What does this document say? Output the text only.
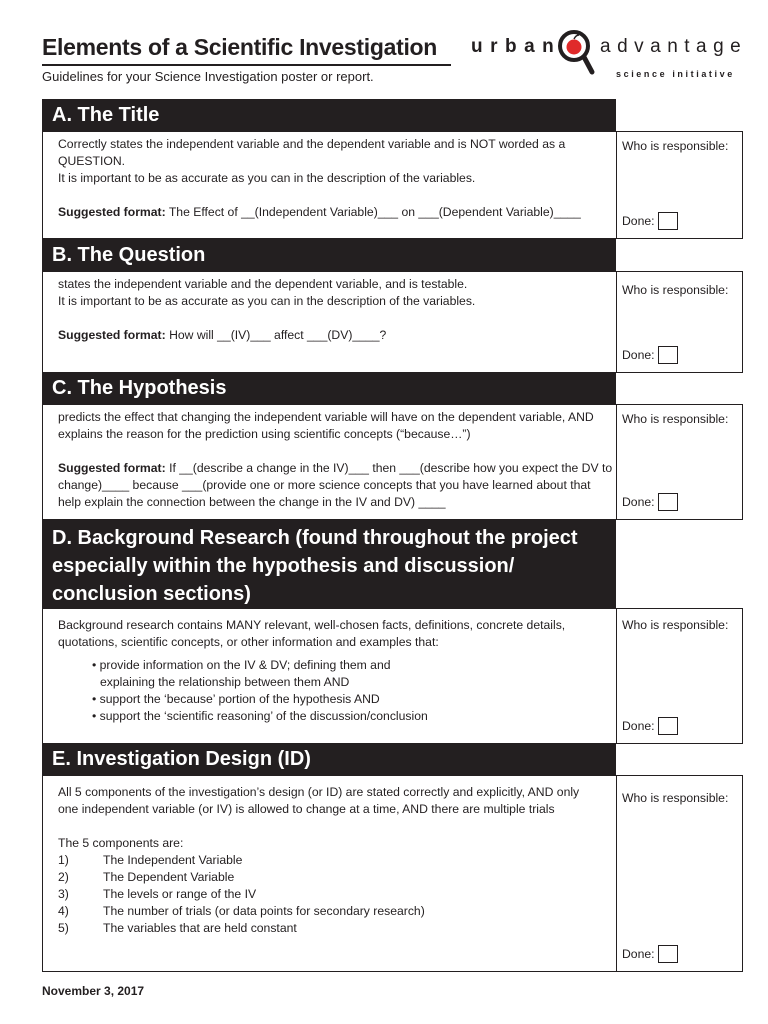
Elements of a Scientific Investigation
Guidelines for your Science Investigation poster or report.
urban advantage
science initiative
A. The Title

Correctly states the independent variable and the dependent variable and is NOT worded as a QUESTION.

It is important to be as accurate as you can in the description of the variables.

Suggested format: The Effect of __(Independent Variable)___ on ___(Dependent Variable)____

Who is responsible:
Done:
B. The Question

states the independent variable and the dependent variable, and is testable.

It is important to be as accurate as you can in the description of the variables.

Suggested format: How will __(IV)___ affect ___(DV)____?

Who is responsible:
Done:
C. The Hypothesis

predicts the effect that changing the independent variable will have on the dependent variable, AND explains the reason for the prediction using scientific concepts (“because…”)

Suggested format: If __(describe a change in the IV)___ then ___(describe how you expect the DV to change)____ because ___(provide one or more science concepts that you have learned about that help explain the connection between the change in the IV and DV) ____

Who is responsible:
Done:
D. Background Research (found throughout the project especially within the hypothesis and discussion/ conclusion sections)

Background research contains MANY relevant, well-chosen facts, definitions, concrete details, quotations, scientific concepts, or other information and examples that:

• provide information on the IV & DV; defining them and

explaining the relationship between them AND

• support the ‘because’ portion of the hypothesis AND

• support the ‘scientific reasoning’ of the discussion/conclusion

Who is responsible:
Done:
E. Investigation Design (ID)

All 5 components of the investigation’s design (or ID) are stated correctly and explicitly, AND only one independent variable (or IV) is allowed to change at a time, AND there are multiple trials

The 5 components are:

1)	The Independent Variable
2)	The Dependent Variable
3)	The levels or range of the IV
4)	The number of trials (or data points for secondary research)
5)	The variables that are held constant
Who is responsible:
Done:
November 3, 2017
